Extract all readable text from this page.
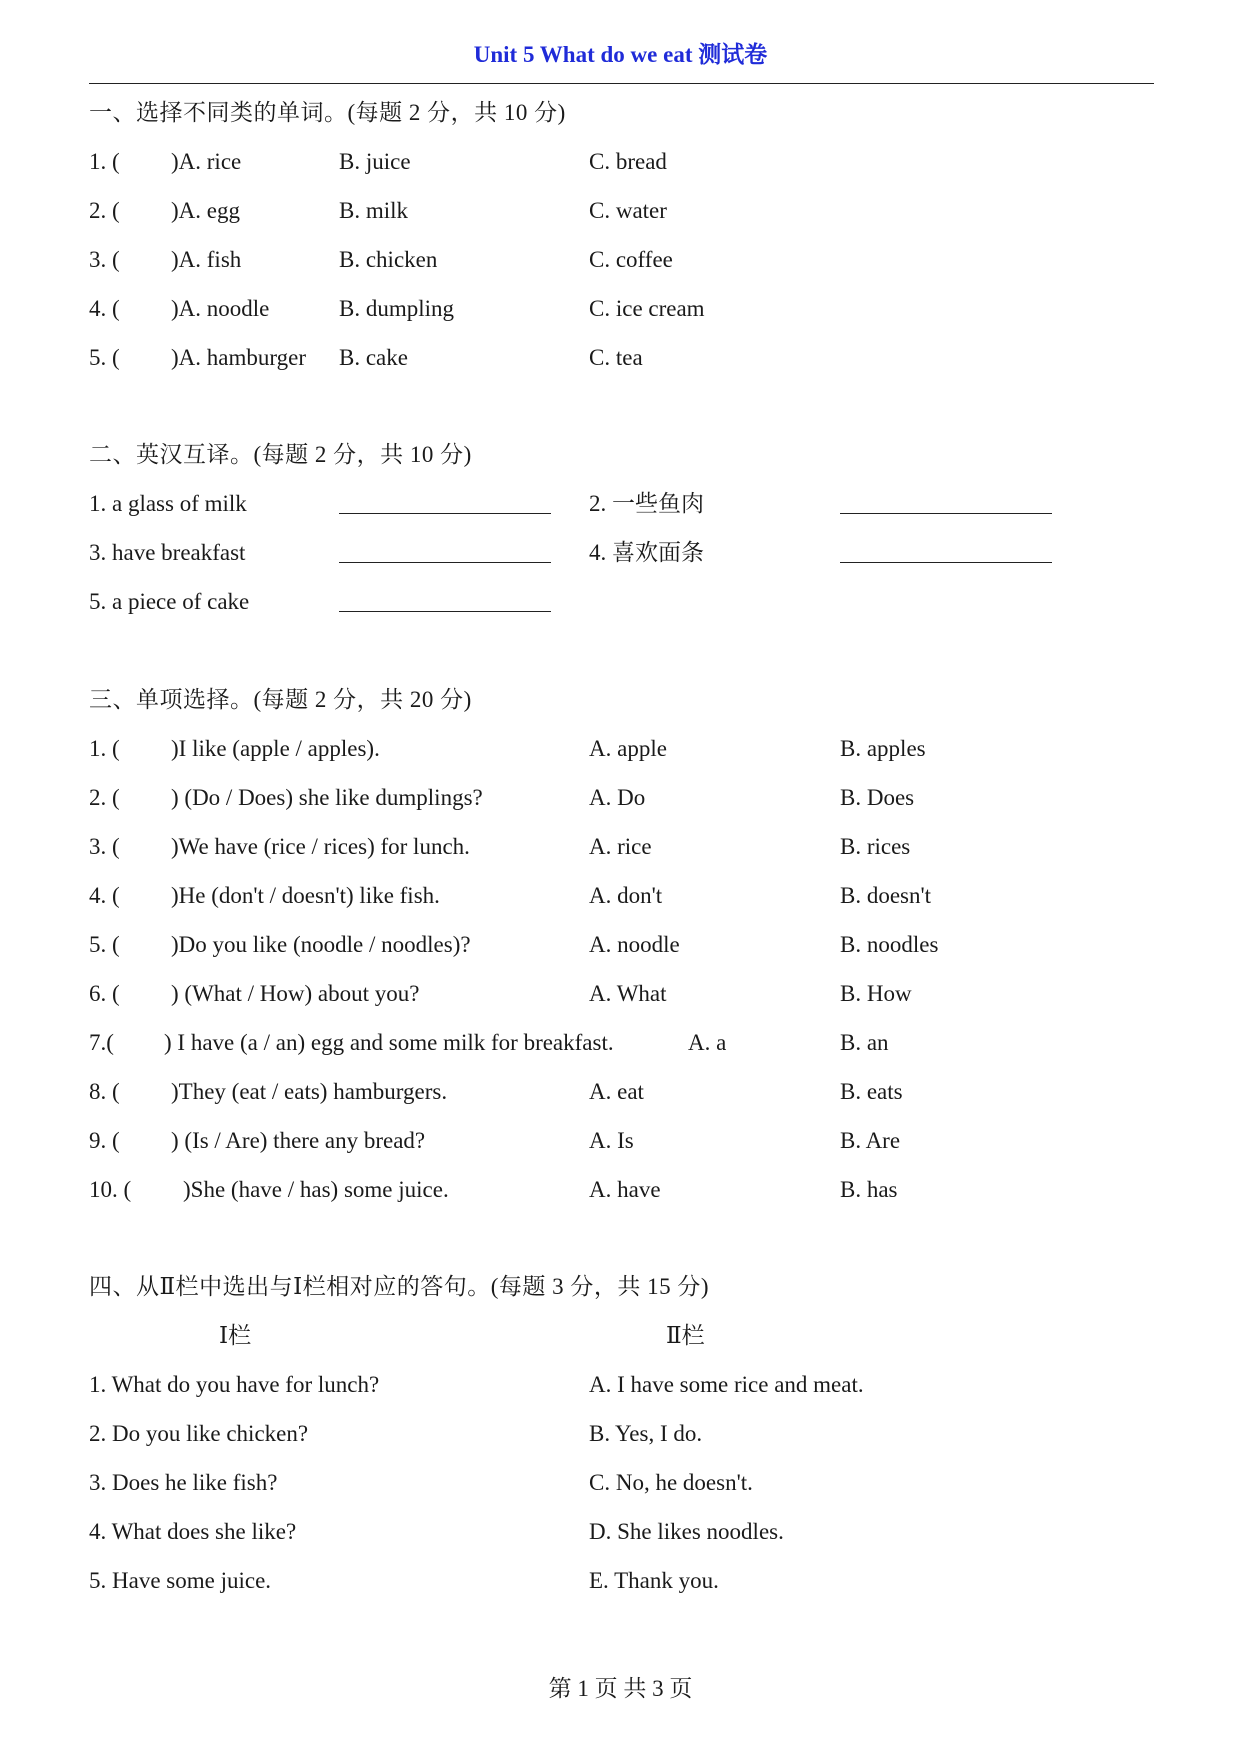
Unit 5 What do we eat 测试卷
一、选择不同类的单词。(每题 2 分，共 10 分)
1. ( )A. rice	B. juice	C. bread
2. ( )A. egg	B. milk	C. water
3. ( )A. fish	B. chicken	C. coffee
4. ( )A. noodle	B. dumpling	C. ice cream
5. ( )A. hamburger B. cake	C. tea
二、英汉互译。(每题 2 分，共 10 分)
1. a glass of milk	2. 一些鱼肉
3. have breakfast	4. 喜欢面条
5. a piece of cake
三、单项选择。(每题 2 分，共 20 分)
1. ( )I like (apple / apples).	A. apple	B. apples
2. ( ) (Do / Does) she like dumplings?	A. Do	B. Does
3. ( )We have (rice / rices) for lunch.	A. rice	B. rices
4. ( )He (don't / doesn't) like fish.	A. don't	B. doesn't
5. ( )Do you like (noodle / noodles)?	A. noodle	B. noodles
6. ( ) (What / How) about you?	A. What	B. How
7.( ) I have (a / an) egg and some milk for breakfast.	A. a	B. an
8. ( )They (eat / eats) hamburgers.	A. eat	B. eats
9. ( ) (Is / Are) there any bread?	A. Is	B. Are
10. ( )She (have / has) some juice.	A. have	B. has
四、从Ⅱ栏中选出与Ⅰ栏相对应的答句。(每题 3 分，共 15 分)
Ⅰ栏	Ⅱ栏
1. What do you have for lunch?	A. I have some rice and meat.
2. Do you like chicken?	B. Yes, I do.
3. Does he like fish?	C. No, he doesn't.
4. What does she like?	D. She likes noodles.
5. Have some juice.	E. Thank you.
第 1 页 共 3 页
